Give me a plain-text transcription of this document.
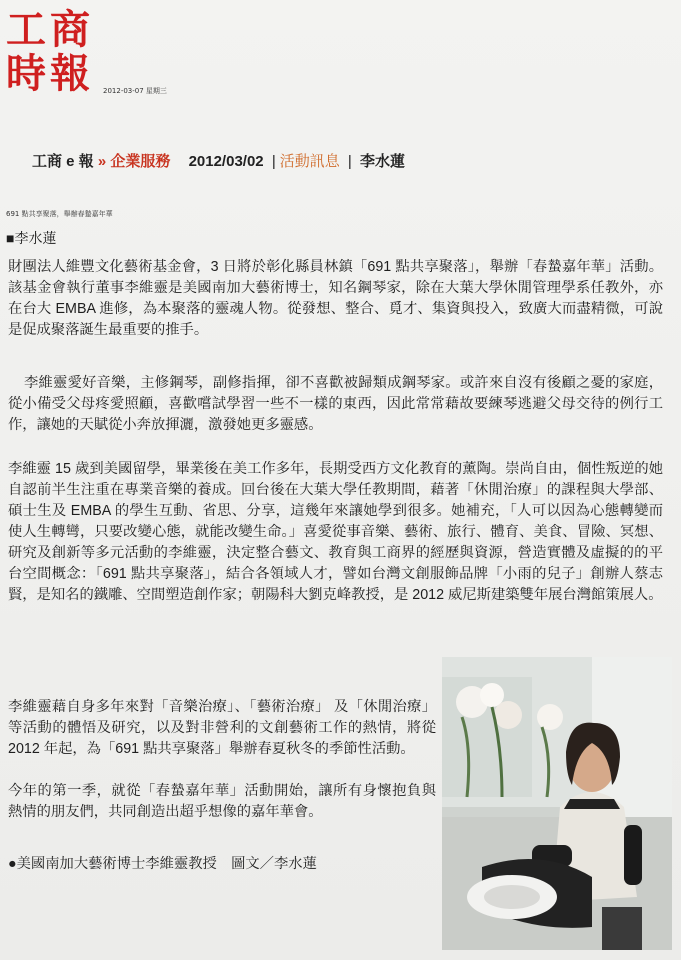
工商
時報	2012-03-07 星期三
工商 e 報 » 企業服務 2012/03/02 | 活動訊息 | 李水蓮
691 點共享聚落，舉辦春蟄嘉年華
■李水蓮

財團法人維豐文化藝術基金會，3 日將於彰化縣員林鎮「691 點共享聚落」，舉辦「春蟄嘉年華」活動。該基金會執行董事李維靈是美國南加大藝術博士，知名鋼琴家，除在大葉大學休閒管理學系任教外，亦在台大 EMBA 進修，為本聚落的靈魂人物。從發想、整合、覓才、集資與投入，致廣大而盡精微，可說是促成聚落誕生最重要的推手。

李維靈愛好音樂，主修鋼琴，副修指揮，卻不喜歡被歸類成鋼琴家。或許來自沒有後顧之憂的家庭，從小備受父母疼愛照顧，喜歡嚐試學習一些不一樣的東西，因此常常藉故要練琴逃避父母交待的例行工作，讓她的天賦從小奔放揮灑，激發她更多靈感。

李維靈 15 歲到美國留學，畢業後在美工作多年，長期受西方文化教育的薰陶。崇尚自由，個性叛逆的她自認前半生注重在專業音樂的養成。回台後在大葉大學任教期間，藉著「休閒治療」的課程與大學部、碩士生及 EMBA 的學生互動、省思、分享，這幾年來讓她學到很多。她補充，「人可以因為心態轉變而使人生轉彎，只要改變心態，就能改變生命。」喜愛從事音樂、藝術、旅行、體育、美食、冒險、冥想、研究及創新等多元活動的李維靈，決定整合藝文、教育與工商界的經歷與資源，營造實體及虛擬的的平台空間概念：「691 點共享聚落」，結合各領域人才，譬如台灣文創服飾品牌「小雨的兒子」創辦人蔡志賢，是知名的鐵雕、空間塑造創作家；朝陽科大劉克峰教授，是 2012 威尼斯建築雙年展台灣館策展人。

李維靈藉自身多年來對「音樂治療」、「藝術治療」 及「休閒治療」等活動的體悟及研究，以及對非營利的文創藝術工作的熱情，將從 2012 年起，為「691 點共享聚落」舉辦春夏秋冬的季節性活動。

今年的第一季，就從「春蟄嘉年華」活動開始，讓所有身懷抱負與熱情的朋友們，共同創造出超乎想像的嘉年華會。

●美國南加大藝術博士李維靈教授　圖文／李水蓮
